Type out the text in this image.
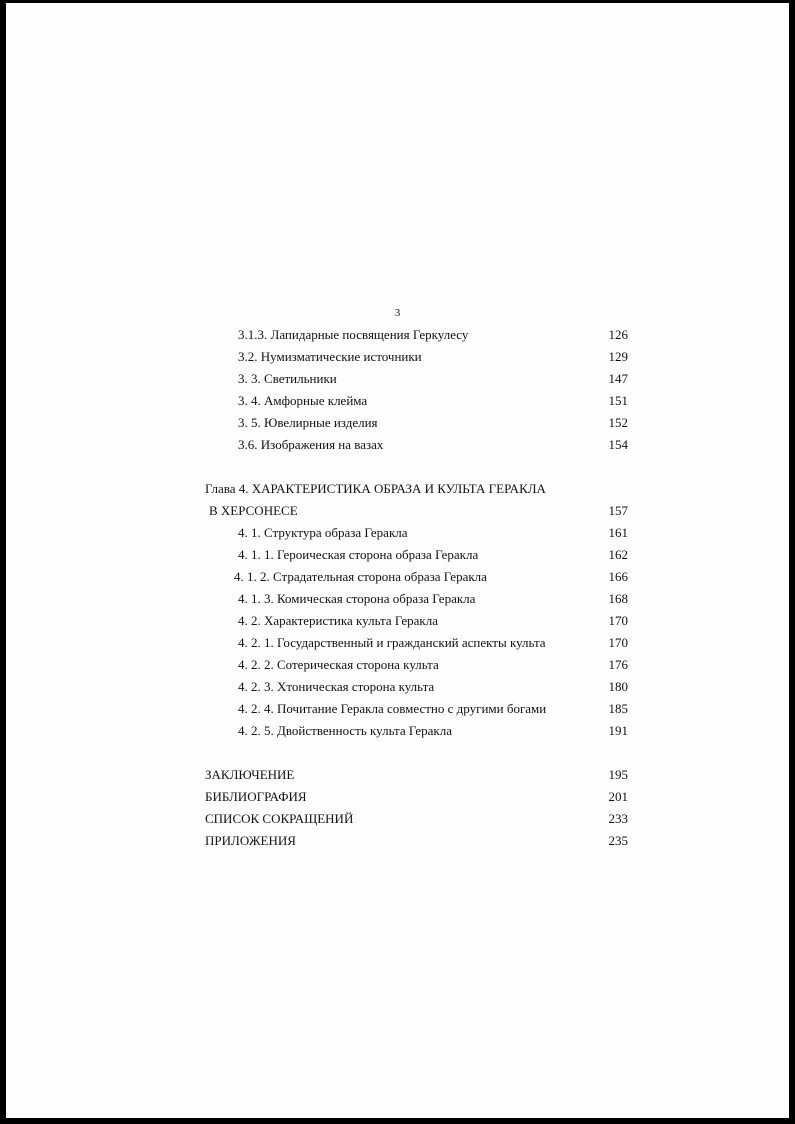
3
3.1.3. Лапидарные посвящения Геркулесу	126
3.2. Нумизматические источники	129
3. 3. Светильники	147
3. 4. Амфорные клейма	151
3. 5. Ювелирные изделия	152
3.6. Изображения на вазах	154
Глава 4. ХАРАКТЕРИСТИКА ОБРАЗА И КУЛЬТА ГЕРАКЛА
В ХЕРСОНЕСЕ	157
4. 1. Структура образа Геракла	161
4. 1. 1. Героическая сторона образа Геракла	162
4. 1. 2. Страдательная сторона образа Геракла	166
4. 1. 3. Комическая сторона образа Геракла	168
4. 2. Характеристика культа Геракла	170
4. 2. 1. Государственный и гражданский аспекты культа	170
4. 2. 2. Сотерическая сторона культа	176
4. 2. 3. Хтоническая сторона культа	180
4. 2. 4. Почитание Геракла совместно с другими богами	185
4. 2. 5. Двойственность культа Геракла	191
ЗАКЛЮЧЕНИЕ	195
БИБЛИОГРАФИЯ	201
СПИСОК СОКРАЩЕНИЙ	233
ПРИЛОЖЕНИЯ	235
